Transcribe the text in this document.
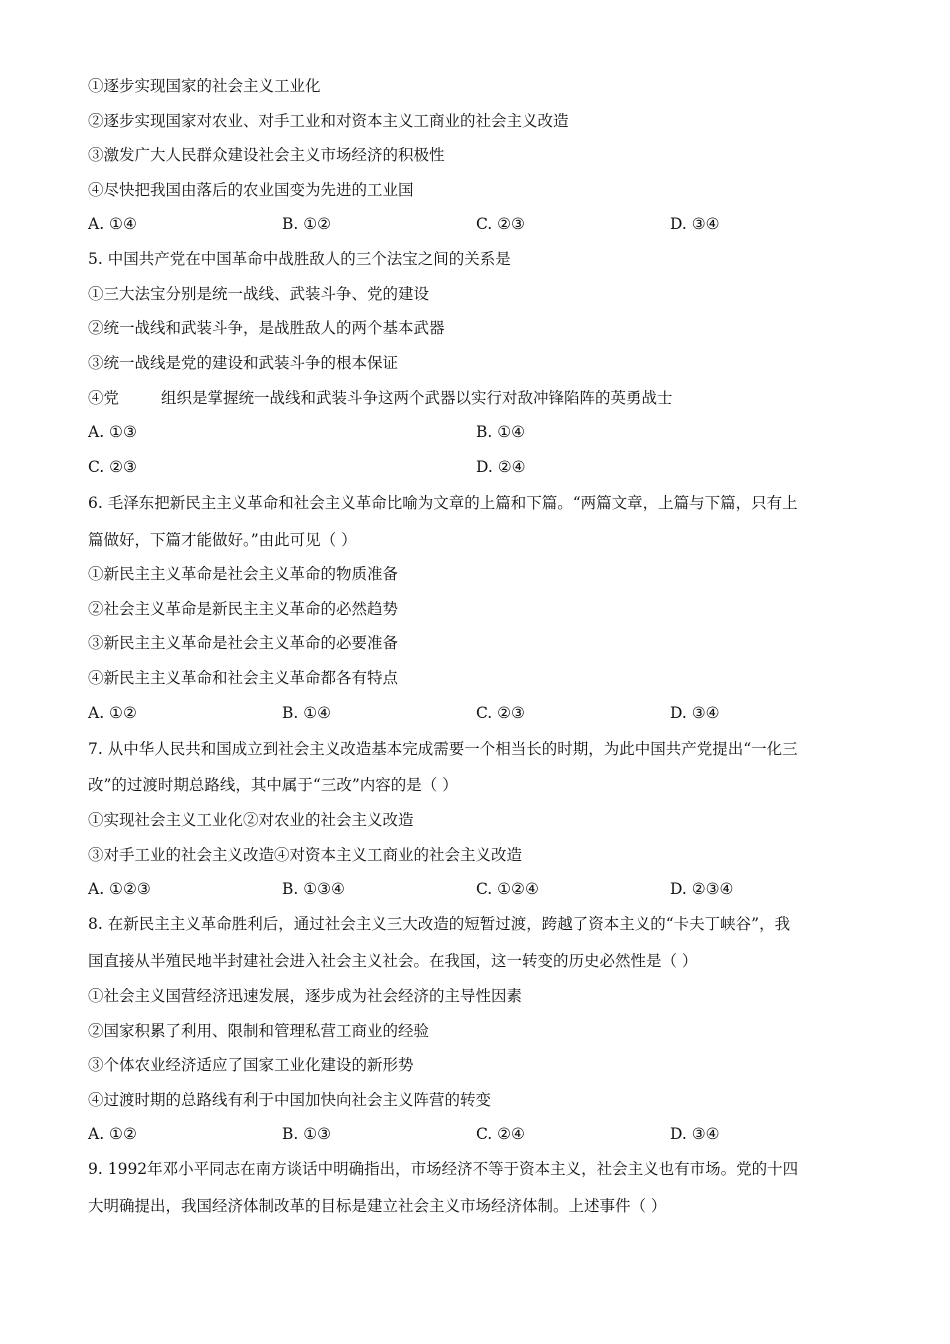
①逐步实现国家的社会主义工业化
②逐步实现国家对农业、对手工业和对资本主义工商业的社会主义改造
③激发广大人民群众建设社会主义市场经济的积极性
④尽快把我国由落后的农业国变为先进的工业国
A. ①④	B. ①②	C. ②③	D. ③④
5. 中国共产党在中国革命中战胜敌人的三个法宝之间的关系是
①三大法宝分别是统一战线、武装斗争、党的建设
②统一战线和武装斗争，是战胜敌人的两个基本武器
③统一战线是党的建设和武装斗争的根本保证
④党	组织是掌握统一战线和武装斗争这两个武器以实行对敌冲锋陷阵的英勇战士
A. ①③	B. ①④
C. ②③	D. ②④
6. 毛泽东把新民主主义革命和社会主义革命比喻为文章的上篇和下篇。“两篇文章，上篇与下篇，只有上
篇做好，下篇才能做好。”由此可见（ ）
①新民主主义革命是社会主义革命的物质准备
②社会主义革命是新民主主义革命的必然趋势
③新民主主义革命是社会主义革命的必要准备
④新民主主义革命和社会主义革命都各有特点
A. ①②	B. ①④	C. ②③	D. ③④
7. 从中华人民共和国成立到社会主义改造基本完成需要一个相当长的时期，为此中国共产党提出“一化三
改”的过渡时期总路线，其中属于“三改”内容的是（ ）
①实现社会主义工业化②对农业的社会主义改造
③对手工业的社会主义改造④对资本主义工商业的社会主义改造
A. ①②③	B. ①③④	C. ①②④	D. ②③④
8. 在新民主主义革命胜利后，通过社会主义三大改造的短暂过渡，跨越了资本主义的“卡夫丁峡谷”，我
国直接从半殖民地半封建社会进入社会主义社会。在我国，这一转变的历史必然性是（ ）
①社会主义国营经济迅速发展，逐步成为社会经济的主导性因素
②国家积累了利用、限制和管理私营工商业的经验
③个体农业经济适应了国家工业化建设的新形势
④过渡时期的总路线有利于中国加快向社会主义阵营的转变
A. ①②	B. ①③	C. ②④	D. ③④
9. 1992年邓小平同志在南方谈话中明确指出，市场经济不等于资本主义，社会主义也有市场。党的十四
大明确提出，我国经济体制改革的目标是建立社会主义市场经济体制。上述事件（ ）
